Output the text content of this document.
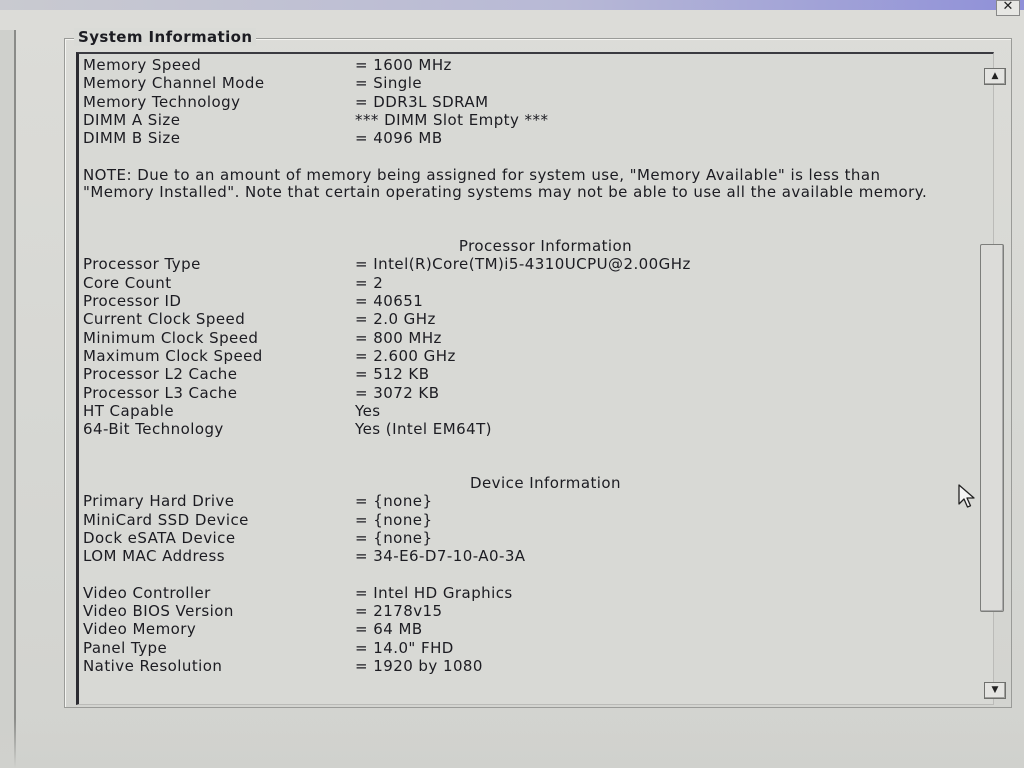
✕
System Information
Memory Speed	= 1600 MHz
Memory Channel Mode	= Single
Memory Technology	= DDR3L SDRAM
DIMM A Size	*** DIMM Slot Empty ***
DIMM B Size	= 4096 MB
NOTE: Due to an amount of memory being assigned for system use, "Memory Available" is less than "Memory Installed". Note that certain operating systems may not be able to use all the available memory.
Processor Information
Processor Type	= Intel(R)Core(TM)i5-4310UCPU@2.00GHz
Core Count	= 2
Processor ID	= 40651
Current Clock Speed	= 2.0 GHz
Minimum Clock Speed	= 800 MHz
Maximum Clock Speed	= 2.600 GHz
Processor L2 Cache	= 512 KB
Processor L3 Cache	= 3072 KB
HT Capable	Yes
64-Bit Technology	Yes (Intel EM64T)
Device Information
Primary Hard Drive	= {none}
MiniCard SSD Device	= {none}
Dock eSATA Device	= {none}
LOM MAC Address	= 34-E6-D7-10-A0-3A
Video Controller	= Intel HD Graphics
Video BIOS Version	= 2178v15
Video Memory	= 64 MB
Panel Type	= 14.0" FHD
Native Resolution	= 1920 by 1080
▲
▼
